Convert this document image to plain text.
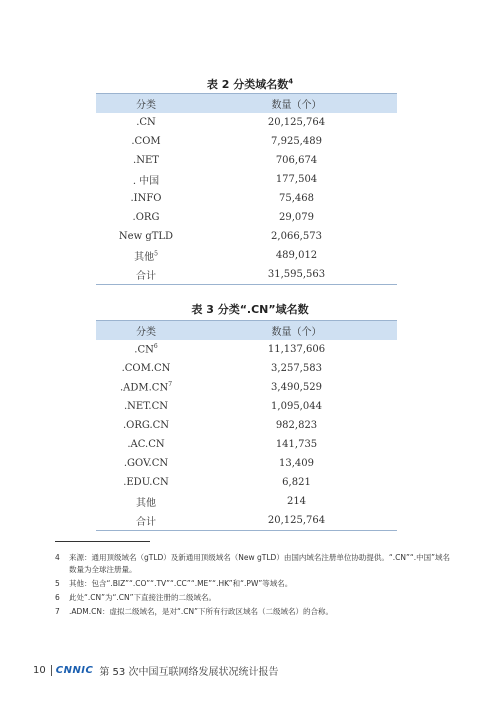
表 2 分类域名数$^4$
分类	数量（个）
.CN	20,125,764
.COM	7,925,489
.NET	706,674
. 中国	177,504
.INFO	75,468
.ORG	29,079
New gTLD	2,066,573
其他$^5$	489,012
合计	31,595,563
表 3 分类“.CN”域名数
分类	数量（个）
$.CN^6$	11,137,606
.COM.CN	3,257,583
$.ADM.CN^7$	3,490,529
.NET.CN	1,095,044
.ORG.CN	982,823
.AC.CN	141,735
.GOV.CN	13,409
.EDU.CN	6,821
其他	214
合计	20,125,764
4 来源：通用顶级域名（gTLD）及新通用顶级域名（New gTLD）由国内域名注册单位协助提供。“.CN”“.中国”域名数量为全球注册量。
5 其他：包含“.BIZ”“.CO”“.TV”“.CC”“.ME”“.HK”和“.PW”等域名。
6 此处“.CN”为“.CN”下直接注册的二级域名。
7 .ADM.CN：虚拟二级域名，是对“.CN”下所有行政区域名（二级域名）的合称。
10 CNNIC 第 53 次中国互联网络发展状况统计报告
